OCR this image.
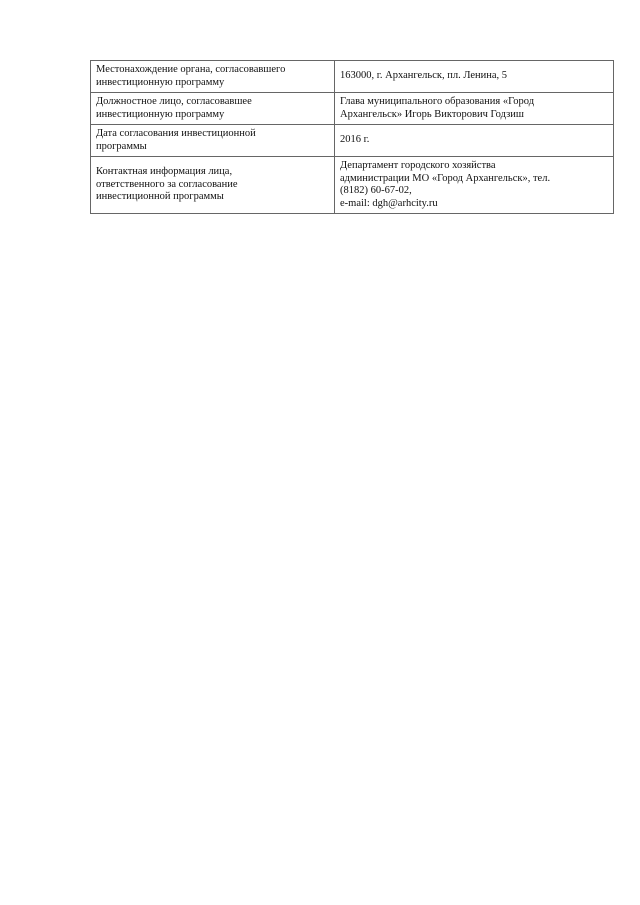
Местонахождение органа, согласовавшего
инвестиционную программу	163000, г. Архангельск, пл. Ленина, 5

Должностное лицо, согласовавшее
инвестиционную программу	Глава муниципального образования «Город
Архангельск» Игорь Викторович Годзиш

Дата согласования инвестиционной
программы	2016 г.

Контактная информация лица,
ответственного за согласование
инвестиционной программы	Департамент городского хозяйства
администрации МО «Город Архангельск», тел.
(8182) 60-67-02,
e-mail: dgh@arhcity.ru
